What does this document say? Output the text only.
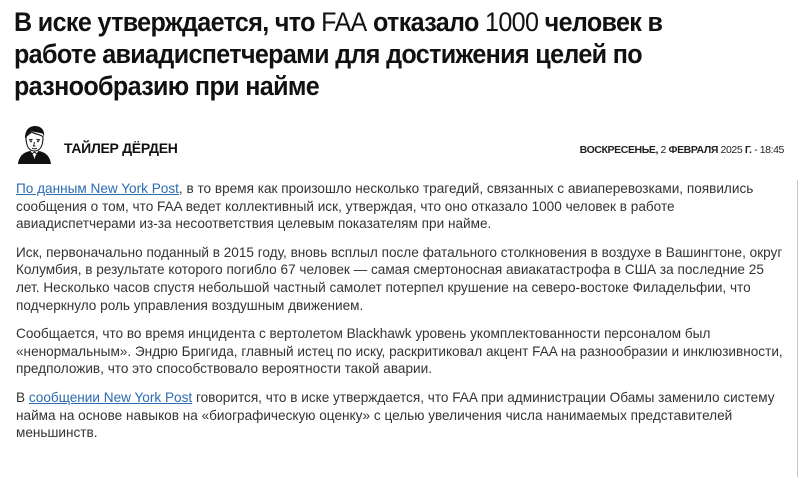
В иске утверждается, что FAA отказало 1000 человек в работе авиадиспетчерами для достижения целей по разнообразию при найме
ТАЙЛЕР ДЁРДЕН	ВОСКРЕСЕНЬЕ, 2 ФЕВРАЛЯ 2025 Г. - 18:45

По данным New York Post, в то время как произошло несколько трагедий, связанных с авиаперевозками, появились сообщения о том, что FAA ведет коллективный иск, утверждая, что оно отказало 1000 человек в работе авиадиспетчерами из-за несоответствия целевым показателям при найме.

Иск, первоначально поданный в 2015 году, вновь всплыл после фатального столкновения в воздухе в Вашингтоне, округ Колумбия, в результате которого погибло 67 человек — самая смертоносная авиакатастрофа в США за последние 25 лет. Несколько часов спустя небольшой частный самолет потерпел крушение на северо-востоке Филадельфии, что подчеркнуло роль управления воздушным движением.

Сообщается, что во время инцидента с вертолетом Blackhawk уровень укомплектованности персоналом был «ненормальным». Эндрю Бригида, главный истец по иску, раскритиковал акцент FAA на разнообразии и инклюзивности, предположив, что это способствовало вероятности такой аварии.

В сообщении New York Post говорится, что в иске утверждается, что FAA при администрации Обамы заменило систему найма на основе навыков на «биографическую оценку» с целью увеличения числа нанимаемых представителей меньшинств.
